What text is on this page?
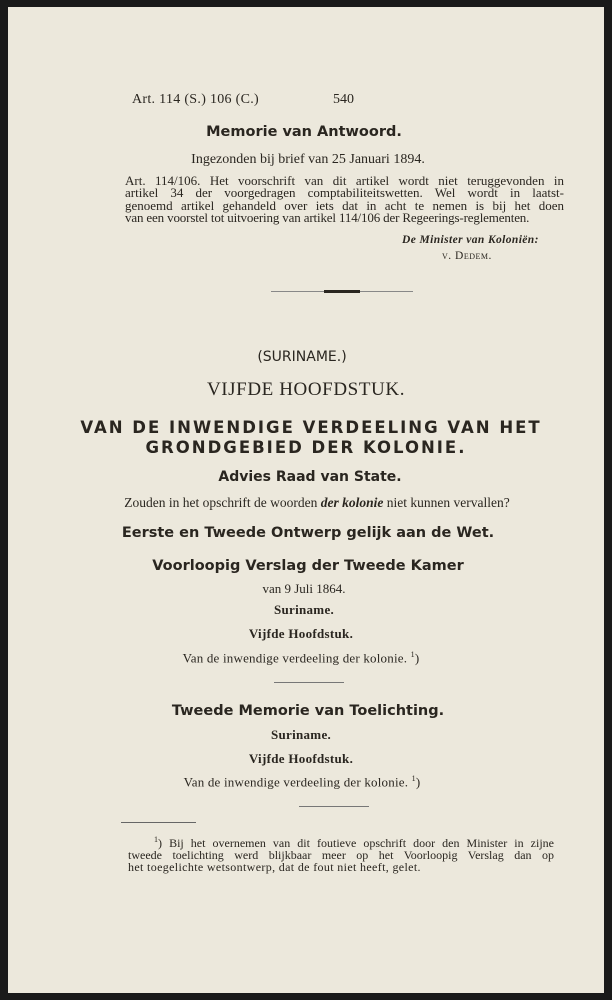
Art. 114 (S.) 106 (C.)	540
Memorie van Antwoord.
Ingezonden bij brief van 25 Januari 1894.
Art. 114/106. Het voorschrift van dit artikel wordt niet teruggevonden in
artikel 34 der voorgedragen comptabiliteitswetten. Wel wordt in laatst-
genoemd artikel gehandeld over iets dat in acht te nemen is bij het doen
van een voorstel tot uitvoering van artikel 114/106 der Regeerings-reglementen.
De Minister van Koloniën:
v. Dedem.
(SURINAME.)
VIJFDE HOOFDSTUK.
VAN DE INWENDIGE VERDEELING VAN HET
GRONDGEBIED DER KOLONIE.
Advies Raad van State.
Zouden in het opschrift de woorden der kolonie niet kunnen vervallen?
Eerste en Tweede Ontwerp gelijk aan de Wet.
Voorloopig Verslag der Tweede Kamer
van 9 Juli 1864.
Suriname.
Vijfde Hoofdstuk.
Van de inwendige verdeeling der kolonie. $^1$)
Tweede Memorie van Toelichting.
Suriname.
Vijfde Hoofdstuk.
Van de inwendige verdeeling der kolonie. $^1$)
$^1$) Bij het overnemen van dit foutieve opschrift door den Minister in zijne
tweede toelichting werd blijkbaar meer op het Voorloopig Verslag dan op
het toegelichte wetsontwerp, dat de fout niet heeft, gelet.
